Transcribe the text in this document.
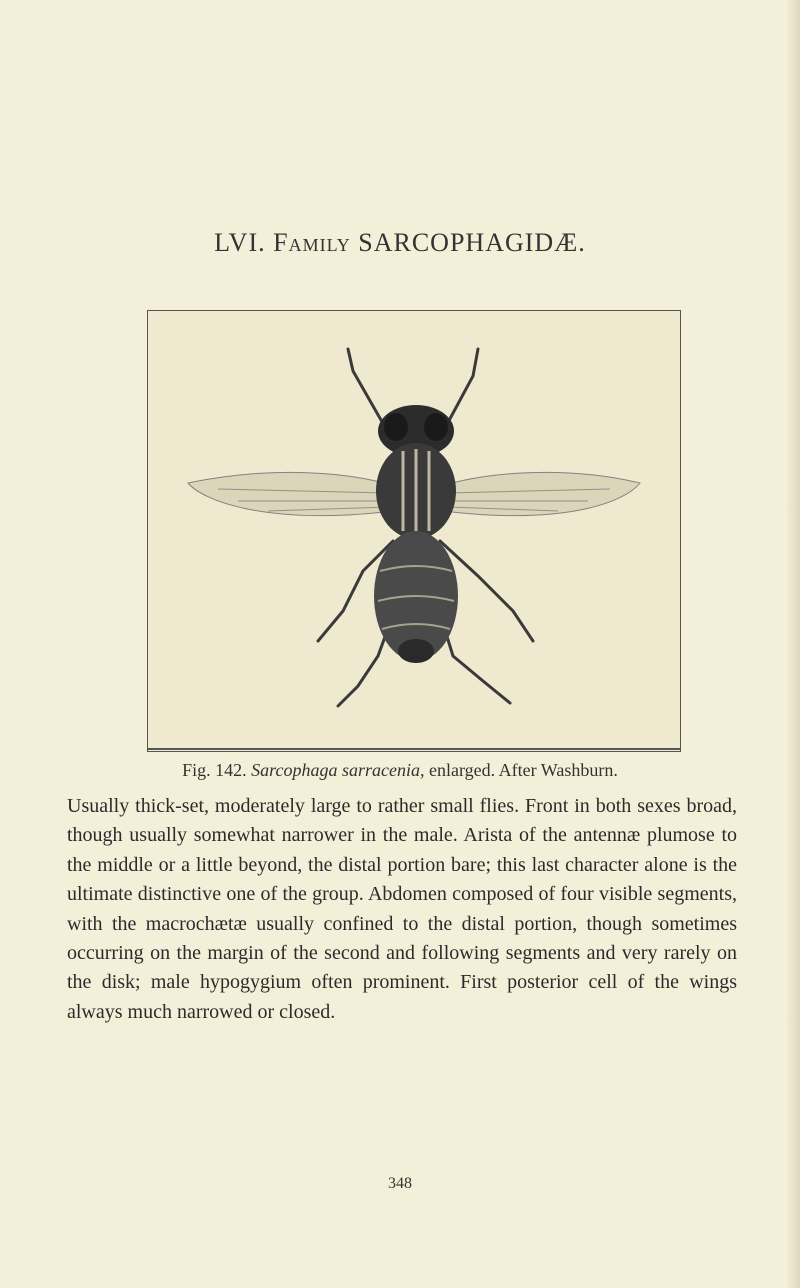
LVI. Family SARCOPHAGIDÆ.
Fig. 142. Sarcophaga sarracenia, enlarged. After Washburn.
Usually thick-set, moderately large to rather small flies. Front in both sexes broad, though usually somewhat narrower in the male. Arista of the antennæ plumose to the middle or a little beyond, the distal portion bare; this last character alone is the ultimate distinctive one of the group. Abdomen composed of four visible segments, with the macrochætæ usually confined to the distal portion, though sometimes occurring on the margin of the second and following segments and very rarely on the disk; male hypogygium often prominent. First posterior cell of the wings always much narrowed or closed.
348
